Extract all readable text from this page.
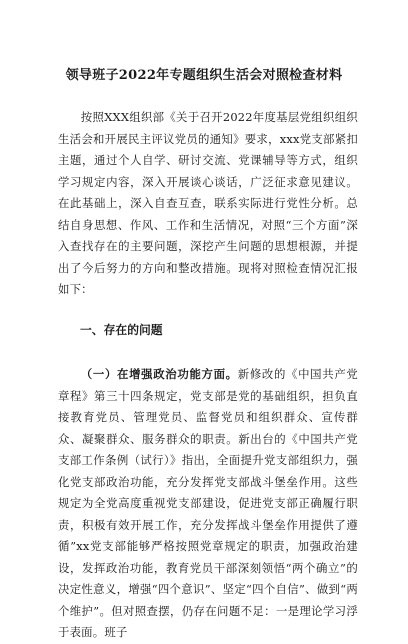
领导班子2022年专题组织生活会对照检查材料

按照XXX组织部《关于召开2022年度基层党组织组织生活会和开展民主评议党员的通知》要求，xxx党支部紧扣主题，通过个人自学、研讨交流、党课辅导等方式，组织学习规定内容，深入开展谈心谈话，广泛征求意见建议。在此基础上，深入自查互查，联系实际进行党性分析。总结自身思想、作风、工作和生活情况，对照“三个方面”深入查找存在的主要问题，深挖产生问题的思想根源，并提出了今后努力的方向和整改措施。现将对照检查情况汇报如下：

一、存在的问题

（一）在增强政治功能方面。新修改的《中国共产党章程》第三十四条规定，党支部是党的基础组织，担负直接教育党员、管理党员、监督党员和组织群众、宣传群众、凝聚群众、服务群众的职责。新出台的《中国共产党支部工作条例（试行）》指出，全面提升党支部组织力，强化党支部政治功能，充分发挥党支部战斗堡垒作用。这些规定为全党高度重视党支部建设，促进党支部正确履行职责，积极有效开展工作，充分发挥战斗堡垒作用提供了遵循”xx党支部能够严格按照党章规定的职责，加强政治建设，发挥政治功能，教育党员干部深刻领悟“两个确立”的决定性意义，增强“四个意识”、坚定“四个自信”、做到“两个维护”。但对照查摆，仍存在问题不足：一是理论学习浮于表面。班子
